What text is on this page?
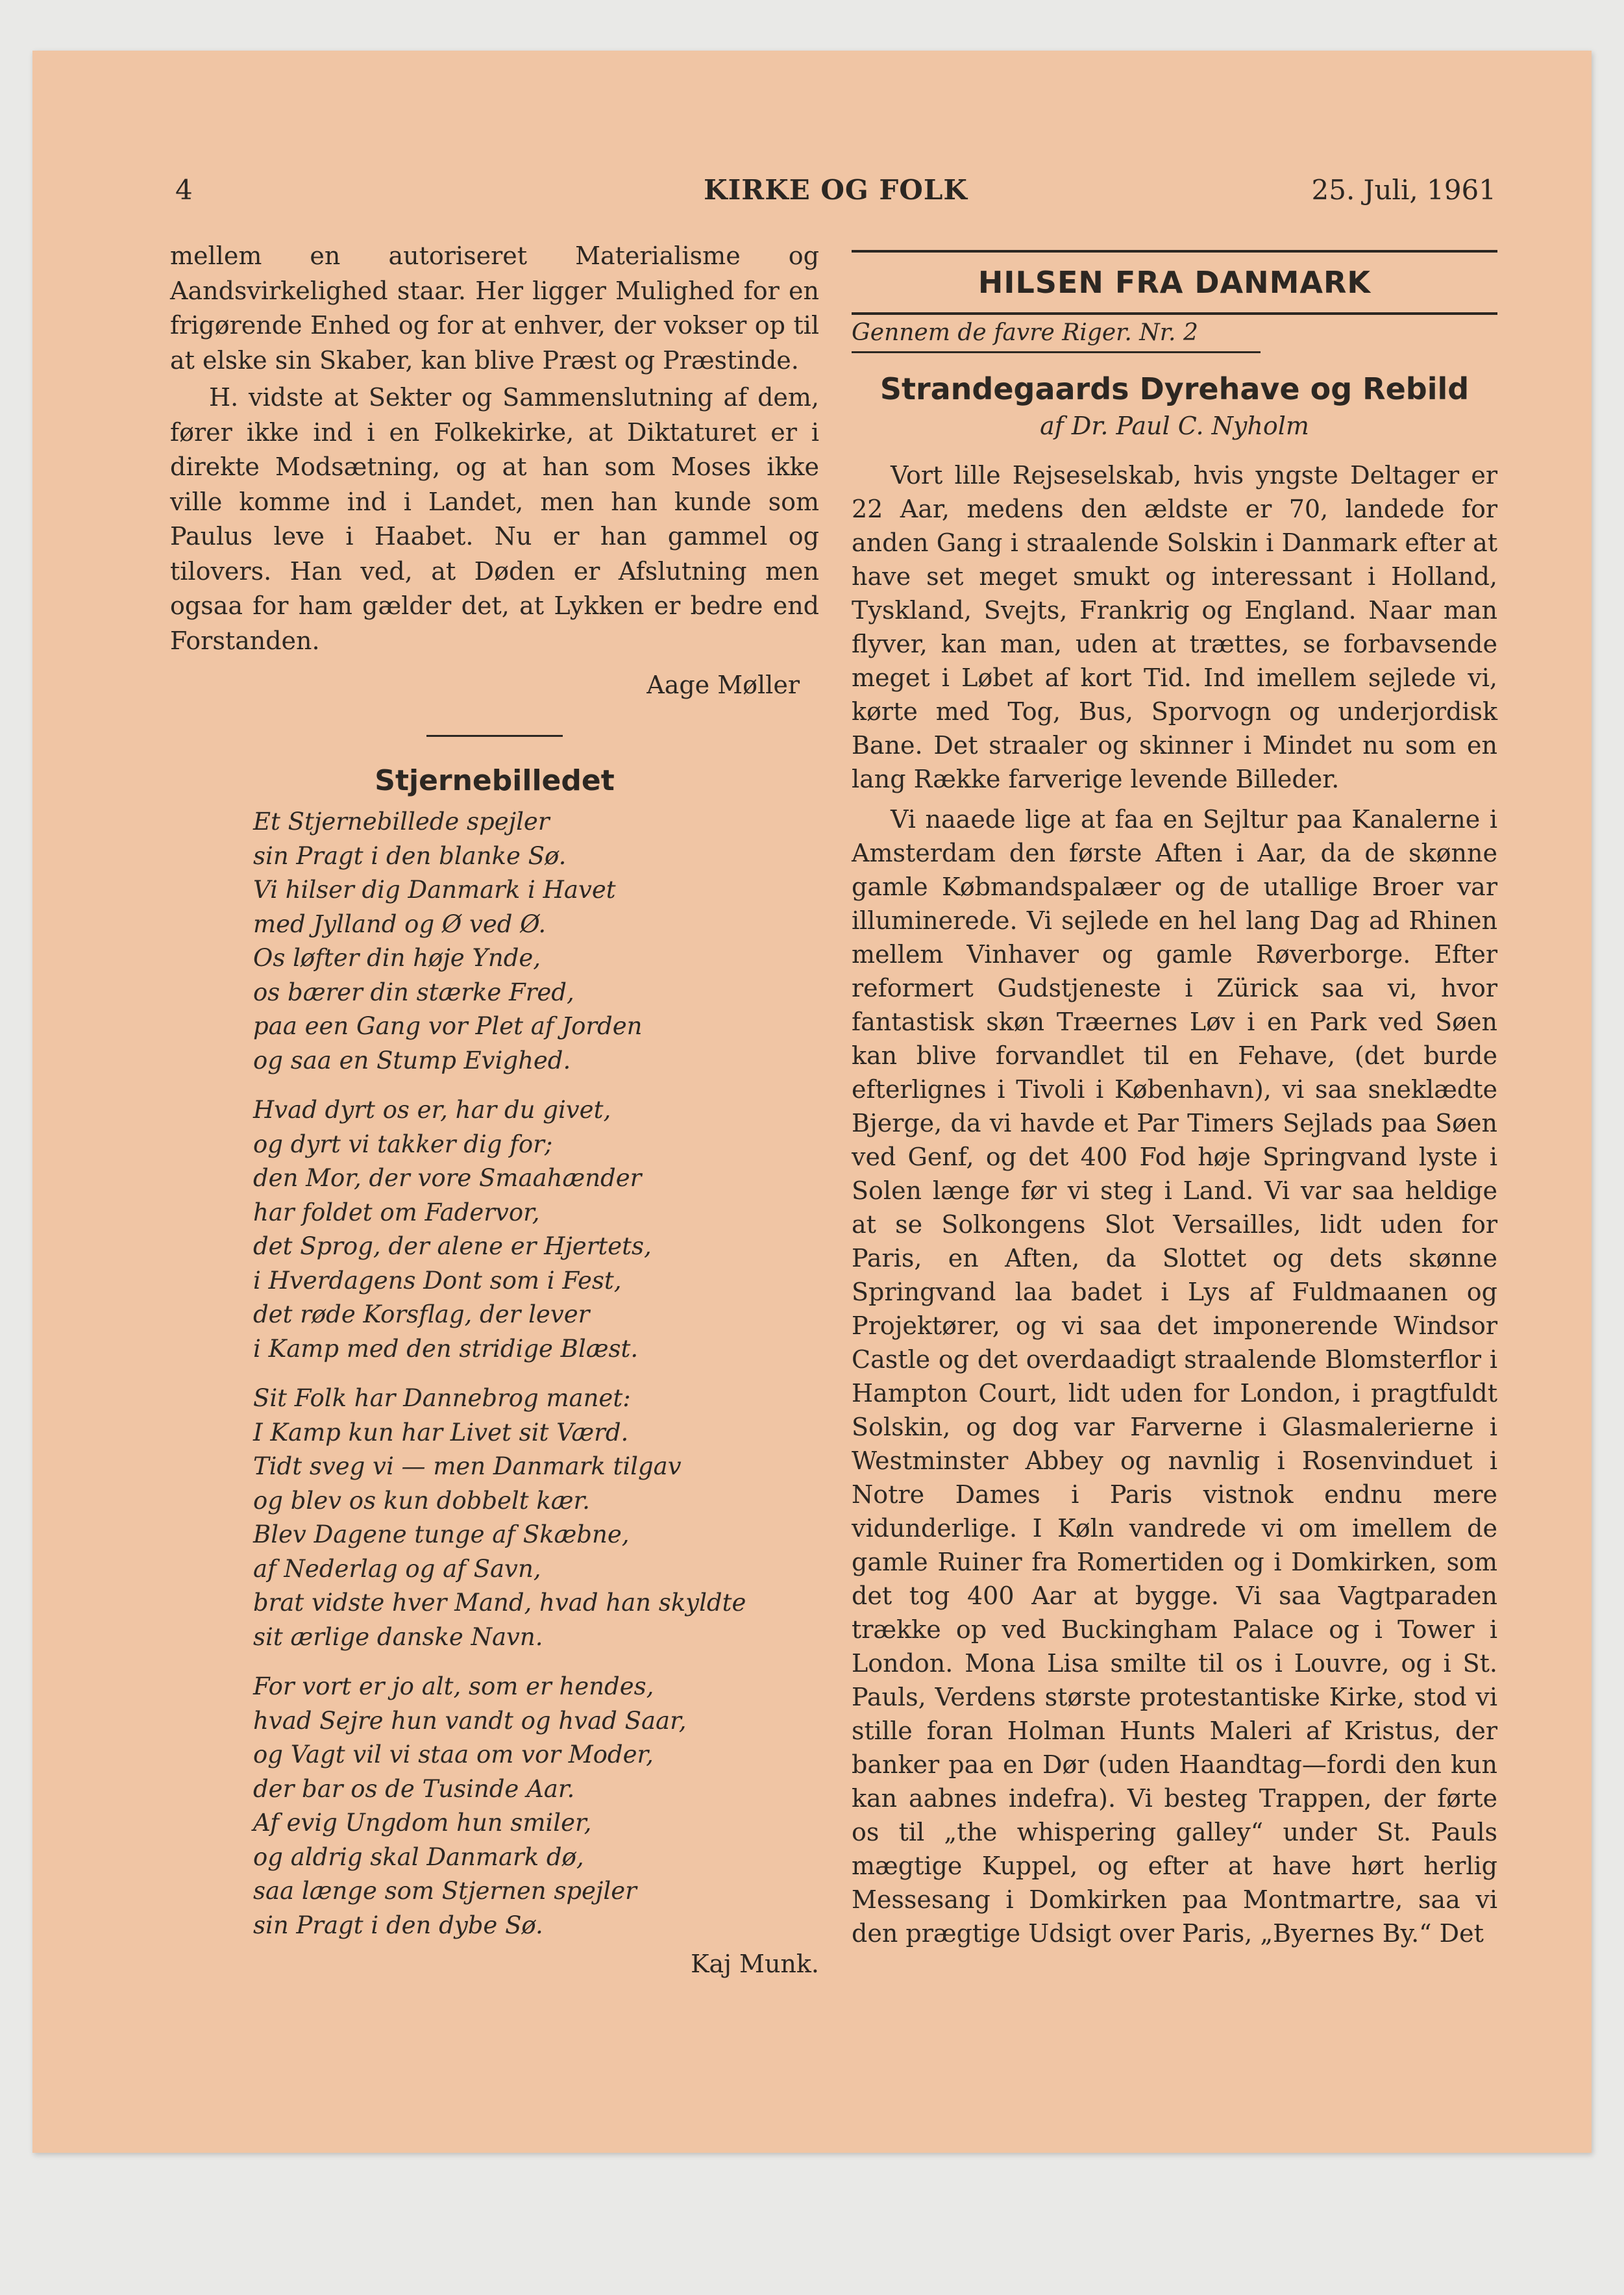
4	KIRKE OG FOLK	25. Juli, 1961

mellem en autoriseret Materialisme og Aandsvirkelighed staar. Her ligger Mulighed for en frigørende Enhed og for at enhver, der vokser op til at elske sin Skaber, kan blive Præst og Præstinde.

H. vidste at Sekter og Sammenslutning af dem, fører ikke ind i en Folkekirke, at Diktaturet er i direkte Modsætning, og at han som Moses ikke ville komme ind i Landet, men han kunde som Paulus leve i Haabet. Nu er han gammel og tilovers. Han ved, at Døden er Afslutning men ogsaa for ham gælder det, at Lykken er bedre end Forstanden.

Aage Møller
Stjernebilledet
Et Stjernebillede spejler
sin Pragt i den blanke Sø.
Vi hilser dig Danmark i Havet
med Jylland og Ø ved Ø.
Os løfter din høje Ynde,
os bærer din stærke Fred,
paa een Gang vor Plet af Jorden
og saa en Stump Evighed.
Hvad dyrt os er, har du givet,
og dyrt vi takker dig for;
den Mor, der vore Smaahænder
har foldet om Fadervor,
det Sprog, der alene er Hjertets,
i Hverdagens Dont som i Fest,
det røde Korsflag, der lever
i Kamp med den stridige Blæst.
Sit Folk har Dannebrog manet:
I Kamp kun har Livet sit Værd.
Tidt sveg vi — men Danmark tilgav
og blev os kun dobbelt kær.
Blev Dagene tunge af Skæbne,
af Nederlag og af Savn,
brat vidste hver Mand, hvad han skyldte
sit ærlige danske Navn.
For vort er jo alt, som er hendes,
hvad Sejre hun vandt og hvad Saar,
og Vagt vil vi staa om vor Moder,
der bar os de Tusinde Aar.
Af evig Ungdom hun smiler,
og aldrig skal Danmark dø,
saa længe som Stjernen spejler
sin Pragt i den dybe Sø.
Kaj Munk.
HILSEN FRA DANMARK
Gennem de favre Riger. Nr. 2
Strandegaards Dyrehave og Rebild
af Dr. Paul C. Nyholm

Vort lille Rejseselskab, hvis yngste Deltager er 22 Aar, medens den ældste er 70, landede for anden Gang i straalende Solskin i Danmark efter at have set meget smukt og interessant i Holland, Tyskland, Svejts, Frankrig og England. Naar man flyver, kan man, uden at trættes, se forbavsende meget i Løbet af kort Tid. Ind imellem sejlede vi, kørte med Tog, Bus, Sporvogn og underjordisk Bane. Det straaler og skinner i Mindet nu som en lang Række farverige levende Billeder.

Vi naaede lige at faa en Sejltur paa Kanalerne i Amsterdam den første Aften i Aar, da de skønne gamle Købmandspalæer og de utallige Broer var illuminerede. Vi sejlede en hel lang Dag ad Rhinen mellem Vinhaver og gamle Røverborge. Efter reformert Gudstjeneste i Zürick saa vi, hvor fantastisk skøn Træernes Løv i en Park ved Søen kan blive forvandlet til en Fehave, (det burde efterlignes i Tivoli i København), vi saa sneklædte Bjerge, da vi havde et Par Timers Sejlads paa Søen ved Genf, og det 400 Fod høje Springvand lyste i Solen længe før vi steg i Land. Vi var saa heldige at se Solkongens Slot Versailles, lidt uden for Paris, en Aften, da Slottet og dets skønne Springvand laa badet i Lys af Fuldmaanen og Projektører, og vi saa det imponerende Windsor Castle og det overdaadigt straalende Blomsterflor i Hampton Court, lidt uden for London, i pragtfuldt Solskin, og dog var Farverne i Glasmalerierne i Westminster Abbey og navnlig i Rosenvinduet i Notre Dames i Paris vistnok endnu mere vidunderlige. I Køln vandrede vi om imellem de gamle Ruiner fra Romertiden og i Domkirken, som det tog 400 Aar at bygge. Vi saa Vagtparaden trække op ved Buckingham Palace og i Tower i London. Mona Lisa smilte til os i Louvre, og i St. Pauls, Verdens største protestantiske Kirke, stod vi stille foran Holman Hunts Maleri af Kristus, der banker paa en Dør (uden Haandtag—fordi den kun kan aabnes indefra). Vi besteg Trappen, der førte os til „the whispering galley“ under St. Pauls mægtige Kuppel, og efter at have hørt herlig Messesang i Domkirken paa Montmartre, saa vi den prægtige Udsigt over Paris, „Byernes By.“ Det
